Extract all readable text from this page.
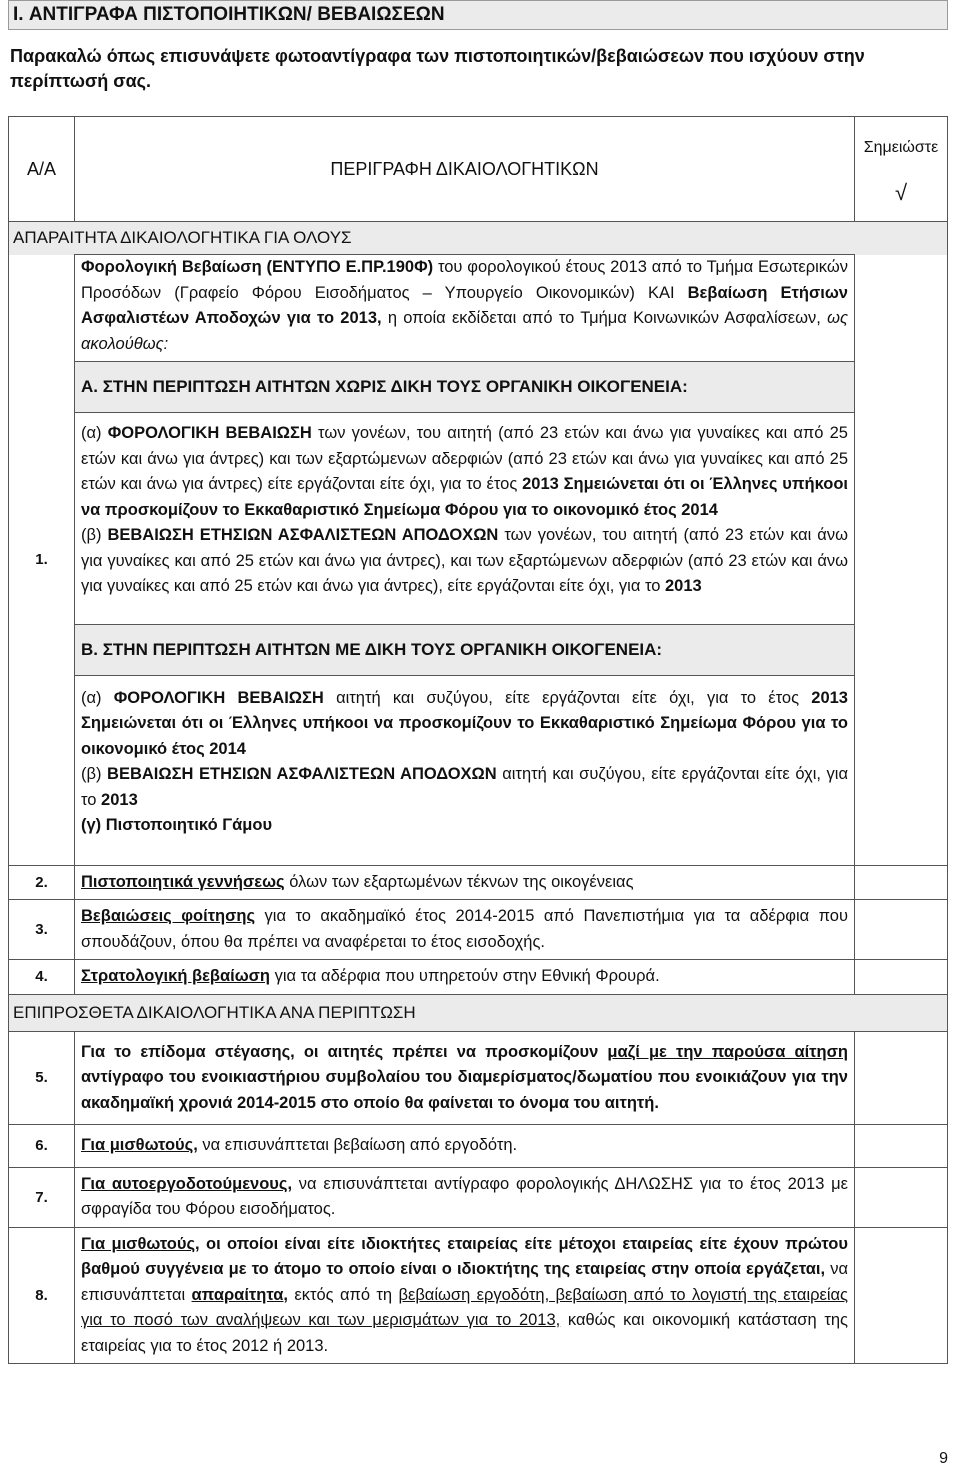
I. ΑΝΤΙΓΡΑΦΑ ΠΙΣΤΟΠΟΙΗΤΙΚΩΝ/ ΒΕΒΑΙΩΣΕΩΝ

Παρακαλώ όπως επισυνάψετε φωτοαντίγραφα των πιστοποιητικών/βεβαιώσεων που ισχύουν στην περίπτωσή σας.

Α/Α	ΠΕΡΙΓΡΑΦΗ ΔΙΚΑΙΟΛΟΓΗΤΙΚΩΝ	Σημειώστε
√

ΑΠΑΡΑΙΤΗΤΑ ΔΙΚΑΙΟΛΟΓΗΤΙΚΑ ΓΙΑ ΟΛΟΥΣ		
1.	Φορολογική Βεβαίωση (ΕΝΤΥΠΟ Ε.ΠΡ.190Φ) του φορολογικού έτους 2013 από το Τμήμα Εσωτερικών Προσόδων (Γραφείο Φόρου Εισοδήματος – Υπουργείο Οικονομικών) ΚΑΙ Βεβαίωση Ετήσιων Ασφαλιστέων Αποδοχών για το 2013, η οποία εκδίδεται από το Τμήμα Κοινωνικών Ασφαλίσεων, ως ακολούθως:	
	Α. ΣΤΗΝ ΠΕΡΙΠΤΩΣΗ ΑΙΤΗΤΩΝ ΧΩΡΙΣ ΔΙΚΗ ΤΟΥΣ ΟΡΓΑΝΙΚΗ ΟΙΚΟΓΕΝΕΙΑ:	
	(α) ΦΟΡΟΛΟΓΙΚΗ ΒΕΒΑΙΩΣΗ των γονέων, του αιτητή (από 23 ετών και άνω για γυναίκες και από 25 ετών και άνω για άντρες) και των εξαρτώμενων αδερφιών (από 23 ετών και άνω για γυναίκες και από 25 ετών και άνω για άντρες) είτε εργάζονται είτε όχι, για το έτος 2013 Σημειώνεται ότι οι Έλληνες υπήκοοι να προσκομίζουν το Εκκαθαριστικό Σημείωμα Φόρου για το οικονομικό έτος 2014
(β) ΒΕΒΑΙΩΣΗ ΕΤΗΣΙΩΝ ΑΣΦΑΛΙΣΤΕΩΝ ΑΠΟΔΟΧΩΝ των γονέων, του αιτητή (από 23 ετών και άνω για γυναίκες και από 25 ετών και άνω για άντρες), και των εξαρτώμενων αδερφιών (από 23 ετών και άνω για γυναίκες και από 25 ετών και άνω για άντρες), είτε εργάζονται είτε όχι, για το 2013	
	Β. ΣΤΗΝ ΠΕΡΙΠΤΩΣΗ ΑΙΤΗΤΩΝ ΜΕ ΔΙΚΗ ΤΟΥΣ ΟΡΓΑΝΙΚΗ ΟΙΚΟΓΕΝΕΙΑ:	
	(α) ΦΟΡΟΛΟΓΙΚΗ ΒΕΒΑΙΩΣΗ αιτητή και συζύγου, είτε εργάζονται είτε όχι, για το έτος 2013 Σημειώνεται ότι οι Έλληνες υπήκοοι να προσκομίζουν το Εκκαθαριστικό Σημείωμα Φόρου για το οικονομικό έτος 2014
(β) ΒΕΒΑΙΩΣΗ ΕΤΗΣΙΩΝ ΑΣΦΑΛΙΣΤΕΩΝ ΑΠΟΔΟΧΩΝ αιτητή και συζύγου, είτε εργάζονται είτε όχι, για το 2013
(γ) Πιστοποιητικό Γάμου	
2.	Πιστοποιητικά γεννήσεως όλων των εξαρτωμένων τέκνων της οικογένειας	
3.	Βεβαιώσεις φοίτησης για το ακαδημαϊκό έτος 2014-2015 από Πανεπιστήμια για τα αδέρφια που σπουδάζουν, όπου θα πρέπει να αναφέρεται το έτος εισοδοχής.	
4.	Στρατολογική βεβαίωση για τα αδέρφια που υπηρετούν στην Εθνική Φρουρά.	
ΕΠΙΠΡΟΣΘΕΤΑ ΔΙΚΑΙΟΛΟΓΗΤΙΚΑ ΑΝΑ ΠΕΡΙΠΤΩΣΗ		
5.	Για το επίδομα στέγασης, οι αιτητές πρέπει να προσκομίζουν μαζί με την παρούσα αίτηση αντίγραφο του ενοικιαστήριου συμβολαίου του διαμερίσματος/δωματίου που ενοικιάζουν για την ακαδημαϊκή χρονιά 2014-2015 στο οποίο θα φαίνεται το όνομα του αιτητή.	
6.	Για μισθωτούς, να επισυνάπτεται βεβαίωση από εργοδότη.	
7.	Για αυτοεργοδοτούμενους, να επισυνάπτεται αντίγραφο φορολογικής ΔΗΛΩΣΗΣ για το έτος 2013 με σφραγίδα του Φόρου εισοδήματος.	
8.	Για μισθωτούς, οι οποίοι είναι είτε ιδιοκτήτες εταιρείας είτε μέτοχοι εταιρείας είτε έχουν πρώτου βαθμού συγγένεια με το άτομο το οποίο είναι ο ιδιοκτήτης της εταιρείας στην οποία εργάζεται, να επισυνάπτεται απαραίτητα, εκτός από τη βεβαίωση εργοδότη, βεβαίωση από το λογιστή της εταιρείας για το ποσό των αναλήψεων και των μερισμάτων για το 2013, καθώς και οικονομική κατάσταση της εταιρείας για το έτος 2012 ή 2013.	
9
